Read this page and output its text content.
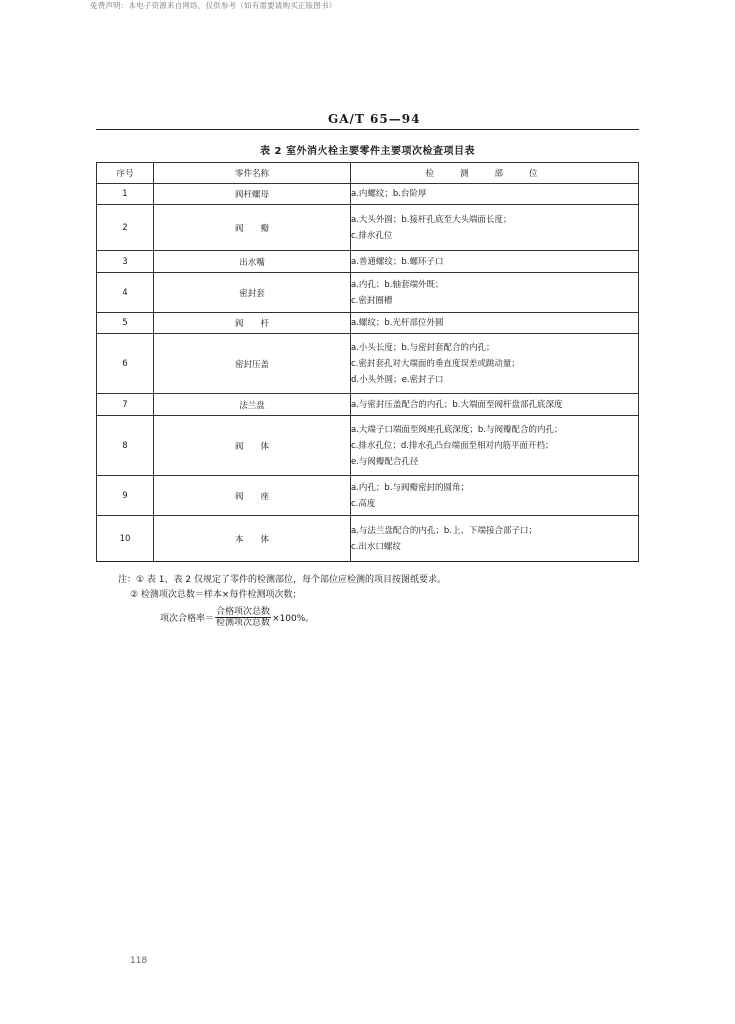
免费声明：本电子资源来自网络，仅供参考（如有需要请购买正版图书）
GA/T 65—94
表 2 室外消火栓主要零件主要项次检查项目表
序号	零件名称	检测部位
1	阀杆螺母	a.内螺纹；b.台阶厚

2	阀　　瓣	a.大头外圆；b.接杆孔底至大头端面长度；
c.排水孔位

3	出水嘴	a.普通螺纹；b.螺环子口

4	密封套	a.内孔；b.轴套端外既；
c.密封圈槽

5	阀　　杆	a.螺纹；b.光杆部位外圆

6	密封压盖	a.小头长度；b.与密封套配合的内孔；
c.密封套孔对大端面的垂直度误差或跳动量；
d.小头外圆；e.密封子口

7	法兰盘	a.与密封压盖配合的内孔；b.大端面至阀杆盘部孔底深度

8	阀　　体	a.大端子口端面至阀座孔底深度；b.与阀瓣配合的内孔；
c.排水孔位；d.排水孔凸台端面至相对内筋平面开档；
e.与阀瓣配合孔径

9	阀　　座	a.内孔；b.与阀瓣密封的圆角；
c.高度

10	本　　体	a.与法兰盘配合的内孔；b.上、下端接合部子口；
c.出水口螺纹
注：① 表 1、表 2 仅规定了零件的检测部位，每个部位应检测的项目按图纸要求。
② 检测项次总数＝样本×每件检测项次数；
项次合格率＝ $\frac{\text{合格项次总数}}{\text{检测项次总数}} \times 100\%$。
118
